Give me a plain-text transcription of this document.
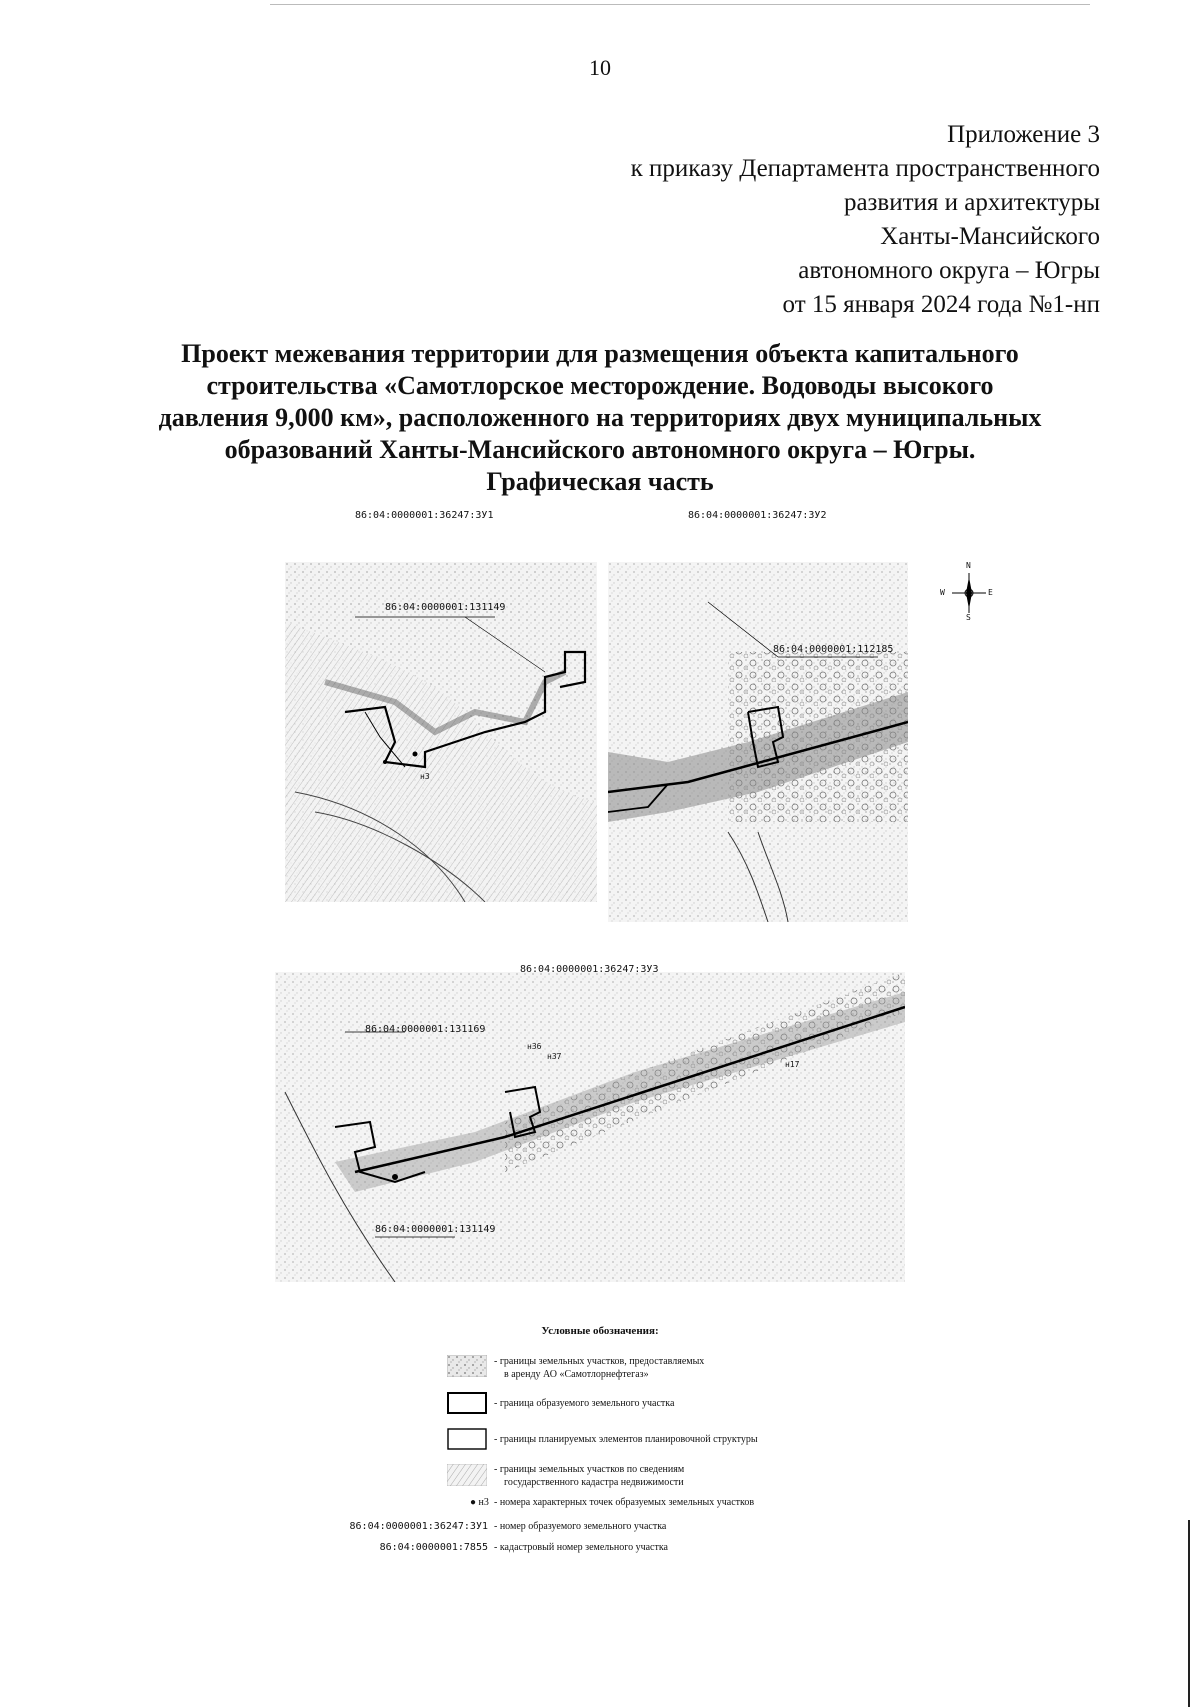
10
Приложение 3
к приказу Департамента пространственного
развития и архитектуры
Ханты-Мансийского
автономного округа – Югры
от 15 января 2024 года №1-нп
Проект межевания территории для размещения объекта капитального
строительства «Самотлорское месторождение. Водоводы высокого
давления 9,000 км», расположенного на территориях двух муниципальных
образований Ханты-Мансийского автономного округа – Югры.
Графическая часть
86:04:0000001:36247:ЗУ1
86:04:0000001:131149
н3
86:04:0000001:36247:ЗУ2
86:04:0000001:112185
N
S
W	E
86:04:0000001:36247:ЗУ3
86:04:0000001:131169
86:04:0000001:131149
н36
н37
н17
Условные обозначения:
- границы земельных участков, предоставляемых
в аренду АО «Самотлорнефтегаз»
- граница образуемого земельного участка
- границы планируемых элементов планировочной структуры
- границы земельных участков по сведениям
государственного кадастра недвижимости
● н3 - номера характерных точек образуемых земельных участков
86:04:0000001:36247:ЗУ1 - номер образуемого земельного участка
86:04:0000001:7855 - кадастровый номер земельного участка
